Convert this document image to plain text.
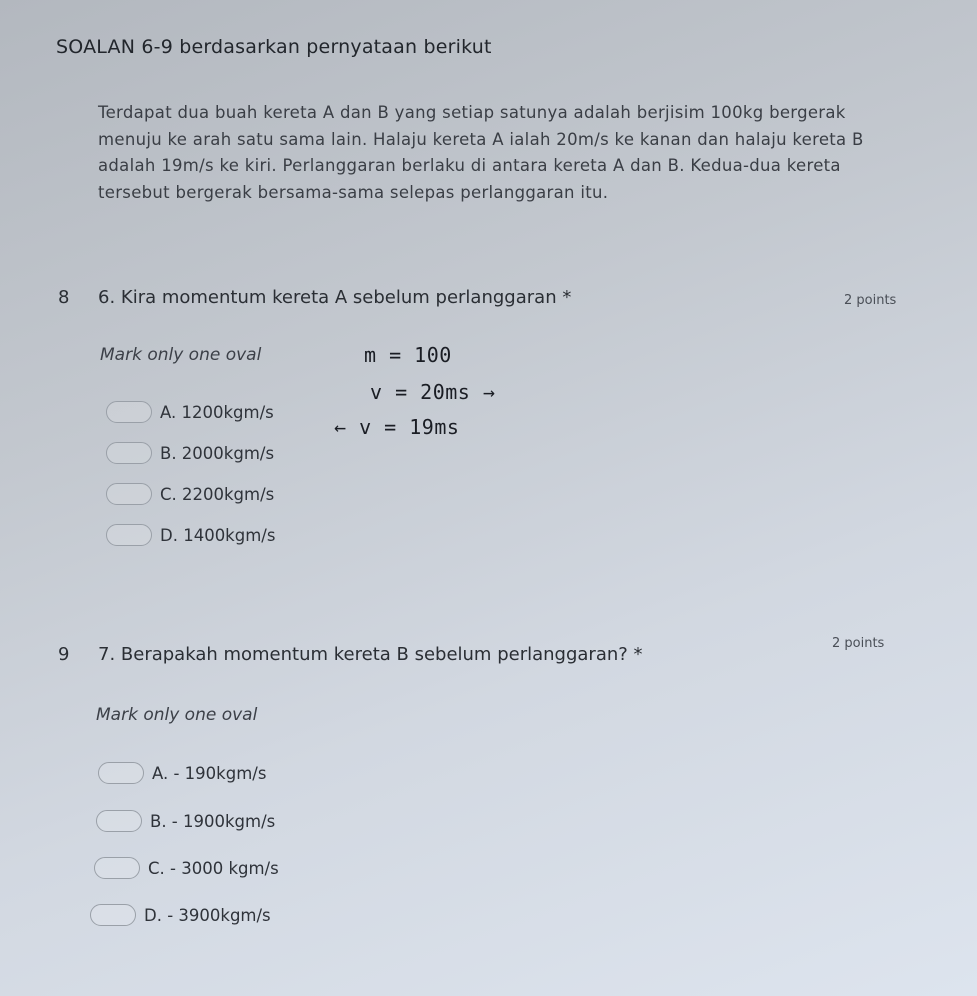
SOALAN 6-9 berdasarkan pernyataan berikut
Terdapat dua buah kereta A dan B yang setiap satunya adalah berjisim 100kg bergerak menuju ke arah satu sama lain. Halaju kereta A ialah 20m/s ke kanan dan halaju kereta B adalah 19m/s ke kiri. Perlanggaran berlaku di antara kereta A dan B. Kedua-dua kereta tersebut bergerak bersama-sama selepas perlanggaran itu.
8 6. Kira momentum kereta A sebelum perlanggaran *	2 points
Mark only one oval	m = 100
v = 20ms →
← v = 19ms
A. 1200kgm/s
B. 2000kgm/s
C. 2200kgm/s
D. 1400kgm/s
9 7. Berapakah momentum kereta B sebelum perlanggaran? *
2 points
Mark only one oval
A. - 190kgm/s
B. - 1900kgm/s
C. - 3000 kgm/s
D. - 3900kgm/s
